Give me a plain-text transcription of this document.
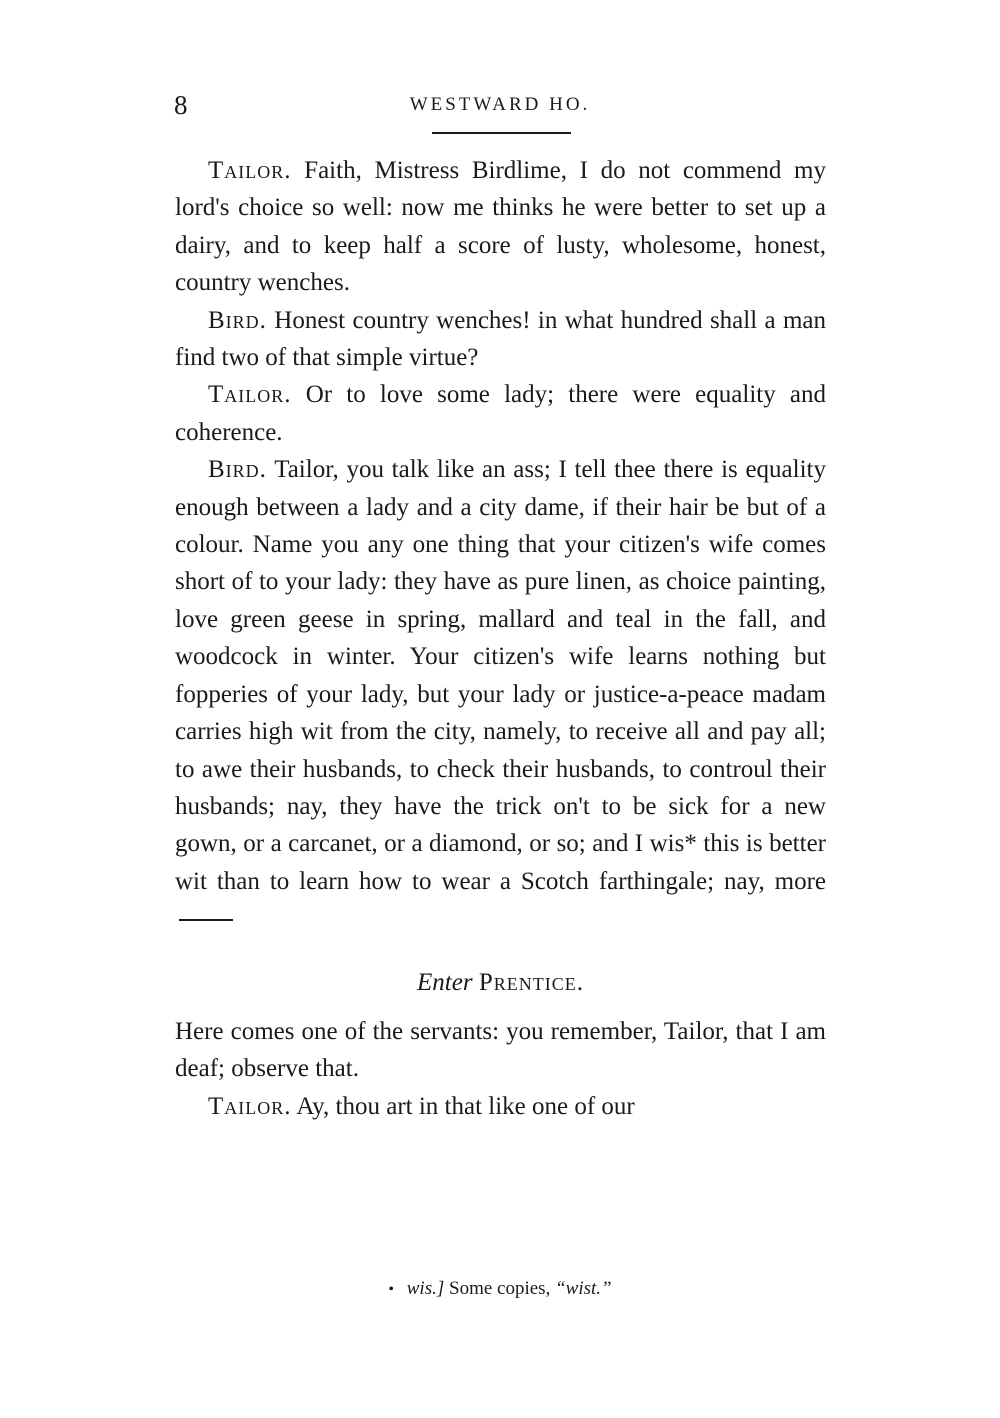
8	WESTWARD HO.

Tailor. Faith, Mistress Birdlime, I do not commend my lord's choice so well: now me thinks he were better to set up a dairy, and to keep half a score of lusty, wholesome, honest, country wenches.

Bird. Honest country wenches! in what hundred shall a man find two of that simple virtue?

Tailor. Or to love some lady; there were equality and coherence.

Bird. Tailor, you talk like an ass; I tell thee there is equality enough between a lady and a city dame, if their hair be but of a colour. Name you any one thing that your citizen's wife comes short of to your lady: they have as pure linen, as choice painting, love green geese in spring, mallard and teal in the fall, and woodcock in winter. Your citizen's wife learns nothing but fopperies of your lady, but your lady or justice-a-peace madam carries high wit from the city, namely, to receive all and pay all; to awe their husbands, to check their husbands, to controul their husbands; nay, they have the trick on't to be sick for a new gown, or a carcanet, or a diamond, or so; and I wis* this is better wit than to learn how to wear a Scotch farthingale; nay, more

Enter Prentice.

Here comes one of the servants: you remember, Tailor, that I am deaf; observe that.

Tailor. Ay, thou art in that like one of our

• wis.] Some copies, “wist.”
